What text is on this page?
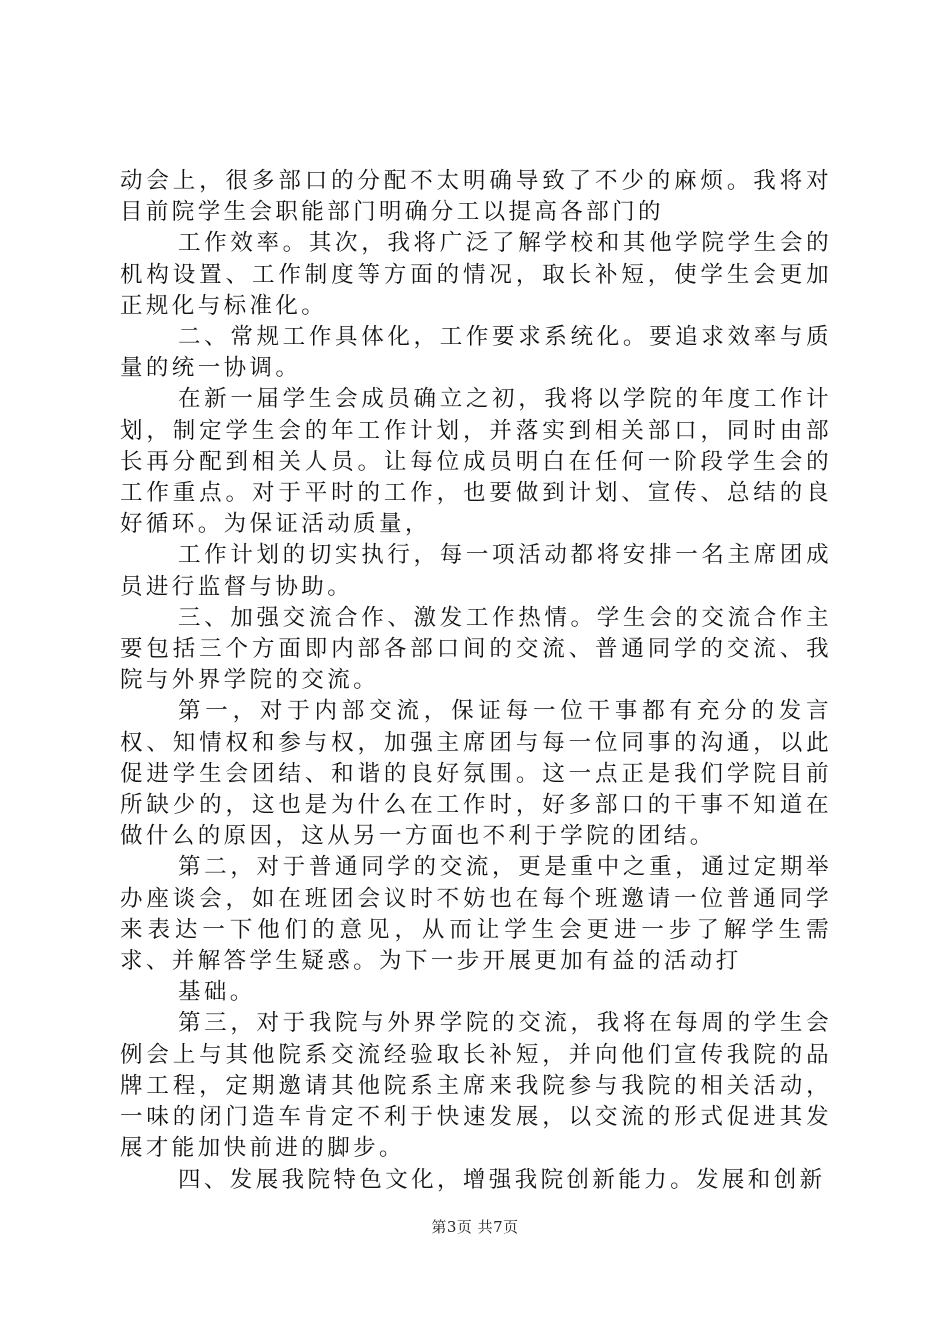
动会上，很多部口的分配不太明确导致了不少的麻烦。我将对目前院学生会职能部门明确分工以提高各部门的

工作效率。其次，我将广泛了解学校和其他学院学生会的机构设置、工作制度等方面的情况，取长补短，使学生会更加正规化与标准化。

二、常规工作具体化，工作要求系统化。要追求效率与质量的统一协调。

在新一届学生会成员确立之初，我将以学院的年度工作计划，制定学生会的年工作计划，并落实到相关部口，同时由部长再分配到相关人员。让每位成员明白在任何一阶段学生会的工作重点。对于平时的工作，也要做到计划、宣传、总结的良好循环。为保证活动质量，

工作计划的切实执行，每一项活动都将安排一名主席团成员进行监督与协助。

三、加强交流合作、激发工作热情。学生会的交流合作主要包括三个方面即内部各部口间的交流、普通同学的交流、我院与外界学院的交流。

第一，对于内部交流，保证每一位干事都有充分的发言权、知情权和参与权，加强主席团与每一位同事的沟通，以此促进学生会团结、和谐的良好氛围。这一点正是我们学院目前所缺少的，这也是为什么在工作时，好多部口的干事不知道在做什么的原因，这从另一方面也不利于学院的团结。

第二，对于普通同学的交流，更是重中之重，通过定期举办座谈会，如在班团会议时不妨也在每个班邀请一位普通同学来表达一下他们的意见，从而让学生会更进一步了解学生需求、并解答学生疑惑。为下一步开展更加有益的活动打

基础。

第三，对于我院与外界学院的交流，我将在每周的学生会例会上与其他院系交流经验取长补短，并向他们宣传我院的品牌工程，定期邀请其他院系主席来我院参与我院的相关活动，一味的闭门造车肯定不利于快速发展，以交流的形式促进其发展才能加快前进的脚步。

四、发展我院特色文化，增强我院创新能力。发展和创新

第3页 共7页
